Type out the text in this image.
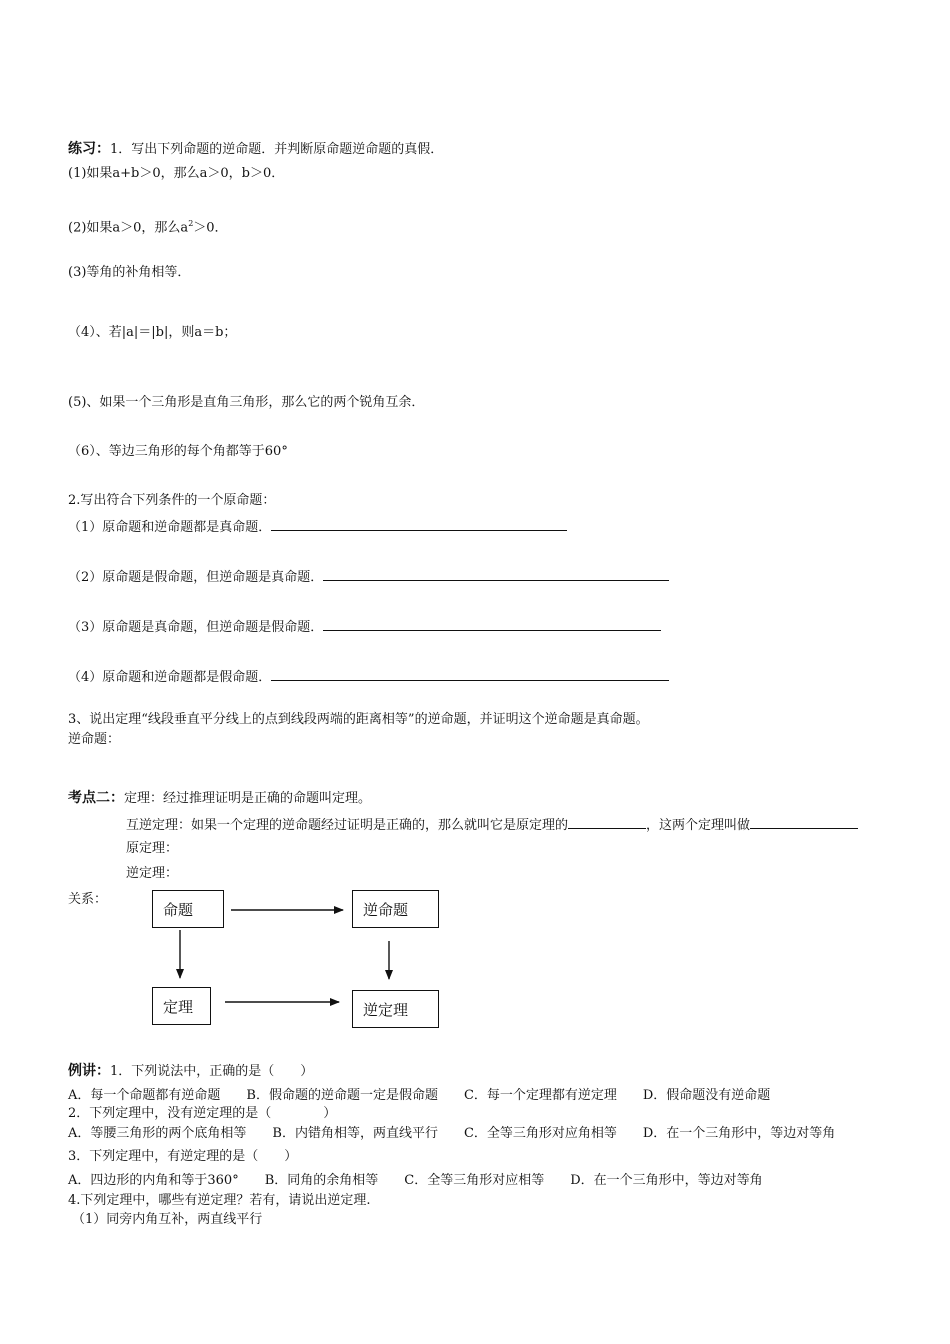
练习：1．写出下列命题的逆命题．并判断原命题逆命题的真假．
(1)如果a+b＞0，那么a＞0，b＞0．
(2)如果a＞0，那么$a^2>0$．
(3)等角的补角相等．
（4）、若|a|＝|b|，则a＝b；
(5)、如果一个三角形是直角三角形，那么它的两个锐角互余．
（6）、等边三角形的每个角都等于60°
2.写出符合下列条件的一个原命题：
（1）原命题和逆命题都是真命题．
（2）原命题是假命题，但逆命题是真命题．
（3）原命题是真命题，但逆命题是假命题．
（4）原命题和逆命题都是假命题．
3、说出定理“线段垂直平分线上的点到线段两端的距离相等”的逆命题，并证明这个逆命题是真命题。
逆命题：
考点二：定理：经过推理证明是正确的命题叫定理。
互逆定理：如果一个定理的逆命题经过证明是正确的，那么就叫它是原定理的	，这两个定理叫做
原定理：
逆定理：
关系：
命题	逆命题
定理	逆定理
例讲：1．下列说法中，正确的是（　　）
A．每一个命题都有逆命题　　B．假命题的逆命题一定是假命题　　C．每一个定理都有逆定理　　D．假命题没有逆命题
2．下列定理中，没有逆定理的是（　　　　）
A．等腰三角形的两个底角相等　　B．内错角相等，两直线平行　　C．全等三角形对应角相等　　D．在一个三角形中，等边对等角
3．下列定理中，有逆定理的是（　　）
A．四边形的内角和等于360°　　B．同角的余角相等　　C．全等三角形对应相等　　D．在一个三角形中，等边对等角
4.下列定理中，哪些有逆定理？若有，请说出逆定理.
（1）同旁内角互补，两直线平行
